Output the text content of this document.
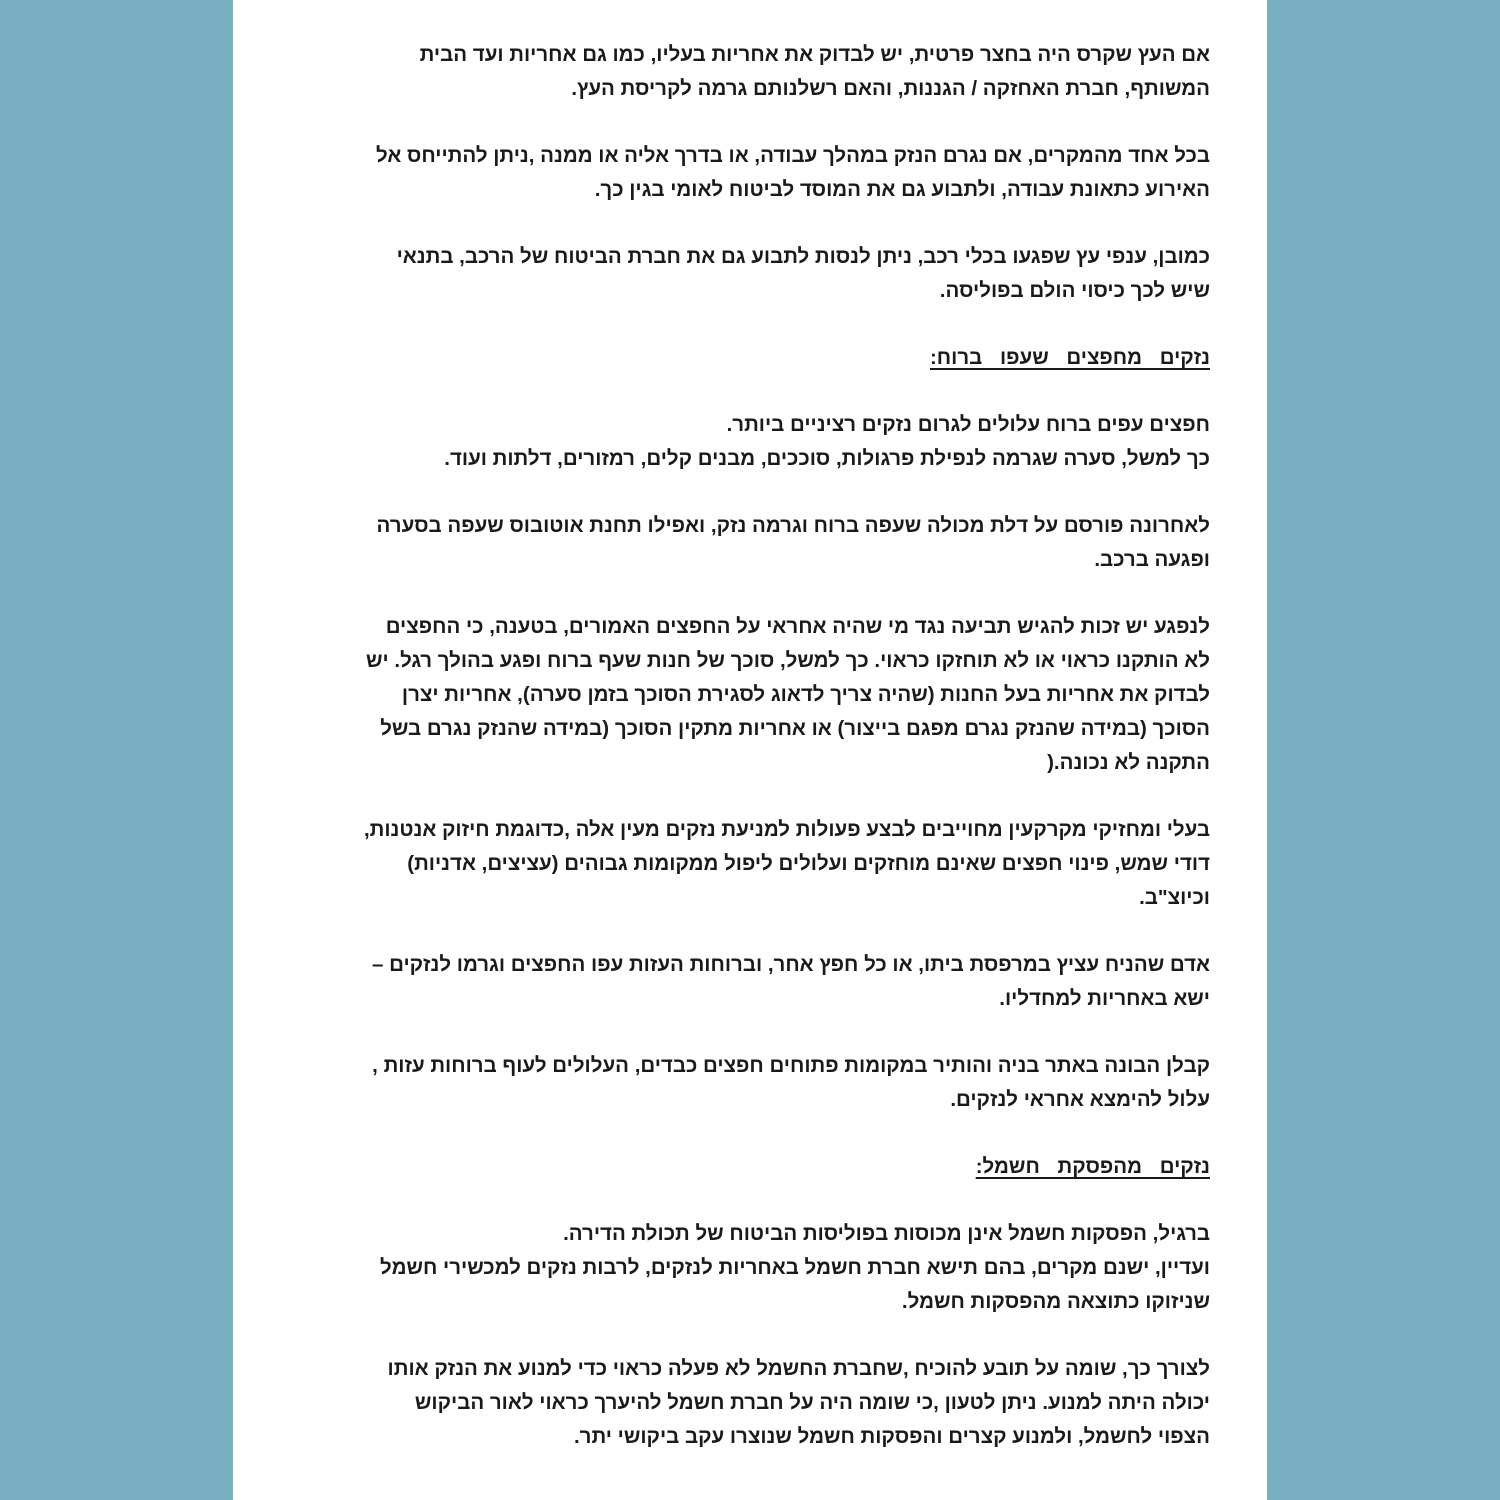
אם העץ שקרס היה בחצר פרטית, יש לבדוק את אחריות בעליו, כמו גם אחריות ועד הבית
המשותף, חברת האחזקה / הגננות, והאם רשלנותם גרמה לקריסת העץ.
בכל אחד מהמקרים, אם נגרם הנזק במהלך עבודה, או בדרך אליה או ממנה ,ניתן להתייחס אל
האירוע כתאונת עבודה, ולתבוע גם את המוסד לביטוח לאומי בגין כך.
כמובן, ענפי עץ שפגעו בכלי רכב, ניתן לנסות לתבוע גם את חברת הביטוח של הרכב, בתנאי
שיש לכך כיסוי הולם בפוליסה.
נזקים מחפצים שעפו ברוח:
חפצים עפים ברוח עלולים לגרום נזקים רציניים ביותר.
כך למשל, סערה שגרמה לנפילת פרגולות, סוככים, מבנים קלים, רמזורים, דלתות ועוד.
לאחרונה פורסם על דלת מכולה שעפה ברוח וגרמה נזק, ואפילו תחנת אוטובוס שעפה בסערה
ופגעה ברכב.
לנפגע יש זכות להגיש תביעה נגד מי שהיה אחראי על החפצים האמורים, בטענה, כי החפצים
לא הותקנו כראוי או לא תוחזקו כראוי. כך למשל, סוכך של חנות שעף ברוח ופגע בהולך רגל. יש
לבדוק את אחריות בעל החנות (שהיה צריך לדאוג לסגירת הסוכך בזמן סערה), אחריות יצרן
הסוכך (במידה שהנזק נגרם מפגם בייצור) או אחריות מתקין הסוכך (במידה שהנזק נגרם בשל
התקנה לא נכונה.(
בעלי ומחזיקי מקרקעין מחוייבים לבצע פעולות למניעת נזקים מעין אלה ,כדוגמת חיזוק אנטנות,
דודי שמש, פינוי חפצים שאינם מוחזקים ועלולים ליפול ממקומות גבוהים (עציצים, אדניות)
וכיוצ"ב.
אדם שהניח עציץ במרפסת ביתו, או כל חפץ אחר, וברוחות העזות עפו החפצים וגרמו לנזקים –
ישא באחריות למחדליו.
קבלן הבונה באתר בניה והותיר במקומות פתוחים חפצים כבדים, העלולים לעוף ברוחות עזות ,
עלול להימצא אחראי לנזקים.
נזקים מהפסקת חשמל:
ברגיל, הפסקות חשמל אינן מכוסות בפוליסות הביטוח של תכולת הדירה.
ועדיין, ישנם מקרים, בהם תישא חברת חשמל באחריות לנזקים, לרבות נזקים למכשירי חשמל
שניזוקו כתוצאה מהפסקות חשמל.
לצורך כך, שומה על תובע להוכיח ,שחברת החשמל לא פעלה כראוי כדי למנוע את הנזק אותו
יכולה היתה למנוע. ניתן לטעון ,כי שומה היה על חברת חשמל להיערך כראוי לאור הביקוש
הצפוי לחשמל, ולמנוע קצרים והפסקות חשמל שנוצרו עקב ביקושי יתר.
